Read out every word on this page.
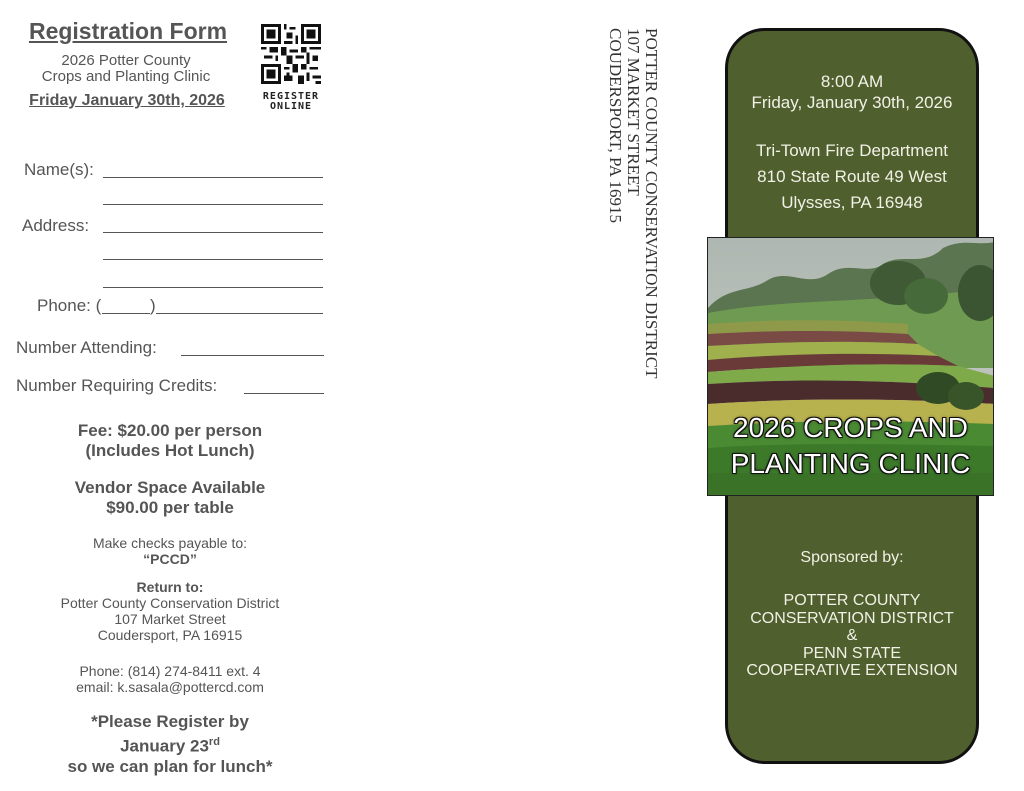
Registration Form
2026 Potter County
Crops and Planting Clinic
Friday January 30th, 2026	REGISTER
ONLINE
Name(s):
Address:
Phone: (	)
Number Attending:
Number Requiring Credits:
Fee: $20.00 per person
(Includes Hot Lunch)
Vendor Space Available
$90.00 per table
Make checks payable to:
“PCCD”
Return to:
Potter County Conservation District
107 Market Street
Coudersport, PA 16915
Phone: (814) 274-8411 ext. 4
email: k.sasala@pottercd.com
*Please Register by
January 23rd
so we can plan for lunch*
POTTER COUNTY CONSERVATION DISTRICT
107 MARKET STREET
COUDERSPORT, PA 16915	8:00 AM
Friday, January 30th, 2026
Tri-Town Fire Department
810 State Route 49 West
Ulysses, PA 16948
2026 CROPS AND
PLANTING CLINIC
Sponsored by:
POTTER COUNTY
CONSERVATION DISTRICT
&
PENN STATE
COOPERATIVE EXTENSION
